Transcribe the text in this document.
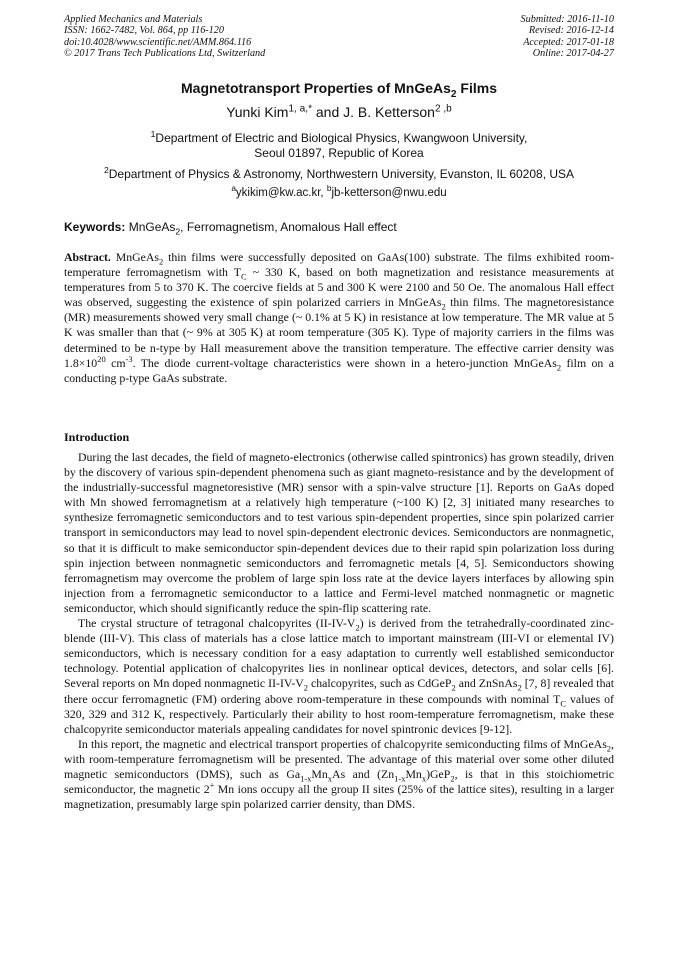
Applied Mechanics and Materials
ISSN: 1662-7482, Vol. 864, pp 116-120
doi:10.4028/www.scientific.net/AMM.864.116
© 2017 Trans Tech Publications Ltd, Switzerland
Submitted: 2016-11-10
Revised: 2016-12-14
Accepted: 2017-01-18
Online: 2017-04-27
Magnetotransport Properties of MnGeAs$_2$ Films
Yunki Kim$^{1, a,*}$ and J. B. Ketterson$^{2 ,b}$
$^1$Department of Electric and Biological Physics, Kwangwoon University,
Seoul 01897, Republic of Korea
$^2$Department of Physics & Astronomy, Northwestern University, Evanston, IL 60208, USA
$^a$ykikim@kw.ac.kr, $^b$jb-ketterson@nwu.edu
Keywords: MnGeAs$_2$, Ferromagnetism, Anomalous Hall effect

Abstract. MnGeAs$_2$ thin films were successfully deposited on GaAs(100) substrate. The films exhibited room-temperature ferromagnetism with $T_C$ ~ 330 K, based on both magnetization and resistance measurements at temperatures from 5 to 370 K. The coercive fields at 5 and 300 K were 2100 and 50 Oe. The anomalous Hall effect was observed, suggesting the existence of spin polarized carriers in MnGeAs$_2$ thin films. The magnetoresistance (MR) measurements showed very small change (~ 0.1% at 5 K) in resistance at low temperature. The MR value at 5 K was smaller than that (~ 9% at 305 K) at room temperature (305 K). Type of majority carriers in the films was determined to be n-type by Hall measurement above the transition temperature. The effective carrier density was $1.8\times 10^{20}$ $cm^{-3}$. The diode current-voltage characteristics were shown in a hetero-junction MnGeAs$_2$ film on a conducting p-type GaAs substrate.

Introduction

During the last decades, the field of magneto-electronics (otherwise called spintronics) has grown steadily, driven by the discovery of various spin-dependent phenomena such as giant magneto-resistance and by the development of the industrially-successful magnetoresistive (MR) sensor with a spin-valve structure [1]. Reports on GaAs doped with Mn showed ferromagnetism at a relatively high temperature (~100 K) [2, 3] initiated many researches to synthesize ferromagnetic semiconductors and to test various spin-dependent properties, since spin polarized carrier transport in semiconductors may lead to novel spin-dependent electronic devices. Semiconductors are nonmagnetic, so that it is difficult to make semiconductor spin-dependent devices due to their rapid spin polarization loss during spin injection between nonmagnetic semiconductors and ferromagnetic metals [4, 5]. Semiconductors showing ferromagnetism may overcome the problem of large spin loss rate at the device layers interfaces by allowing spin injection from a ferromagnetic semiconductor to a lattice and Fermi-level matched nonmagnetic or magnetic semiconductor, which should significantly reduce the spin-flip scattering rate.

The crystal structure of tetragonal chalcopyrites $(II-IV-V_2)$ is derived from the tetrahedrally-coordinated zinc-blende (III-V). This class of materials has a close lattice match to important mainstream (III-VI or elemental IV) semiconductors, which is necessary condition for a easy adaptation to currently well established semiconductor technology. Potential application of chalcopyrites lies in nonlinear optical devices, detectors, and solar cells [6]. Several reports on Mn doped nonmagnetic $II-IV-V_2$ chalcopyrites, such as CdGeP$_2$ and ZnSnAs$_2$ [7, 8] revealed that there occur ferromagnetic (FM) ordering above room-temperature in these compounds with nominal $T_C$ values of 320, 329 and 312 K, respectively. Particularly their ability to host room-temperature ferromagnetism, make these chalcopyrite semiconductor materials appealing candidates for novel spintronic devices [9-12].

In this report, the magnetic and electrical transport properties of chalcopyrite semiconducting films of MnGeAs$_2$, with room-temperature ferromagnetism will be presented. The advantage of this material over some other diluted magnetic semiconductors (DMS), such as $Ga_{1-x}Mn_xAs$ and $(Zn_{1-x}Mn_x)GeP_2$, is that in this stoichiometric semiconductor, the magnetic 2+ Mn ions occupy all the group II sites (25% of the lattice sites), resulting in a larger magnetization, presumably large spin polarized carrier density, than DMS.
